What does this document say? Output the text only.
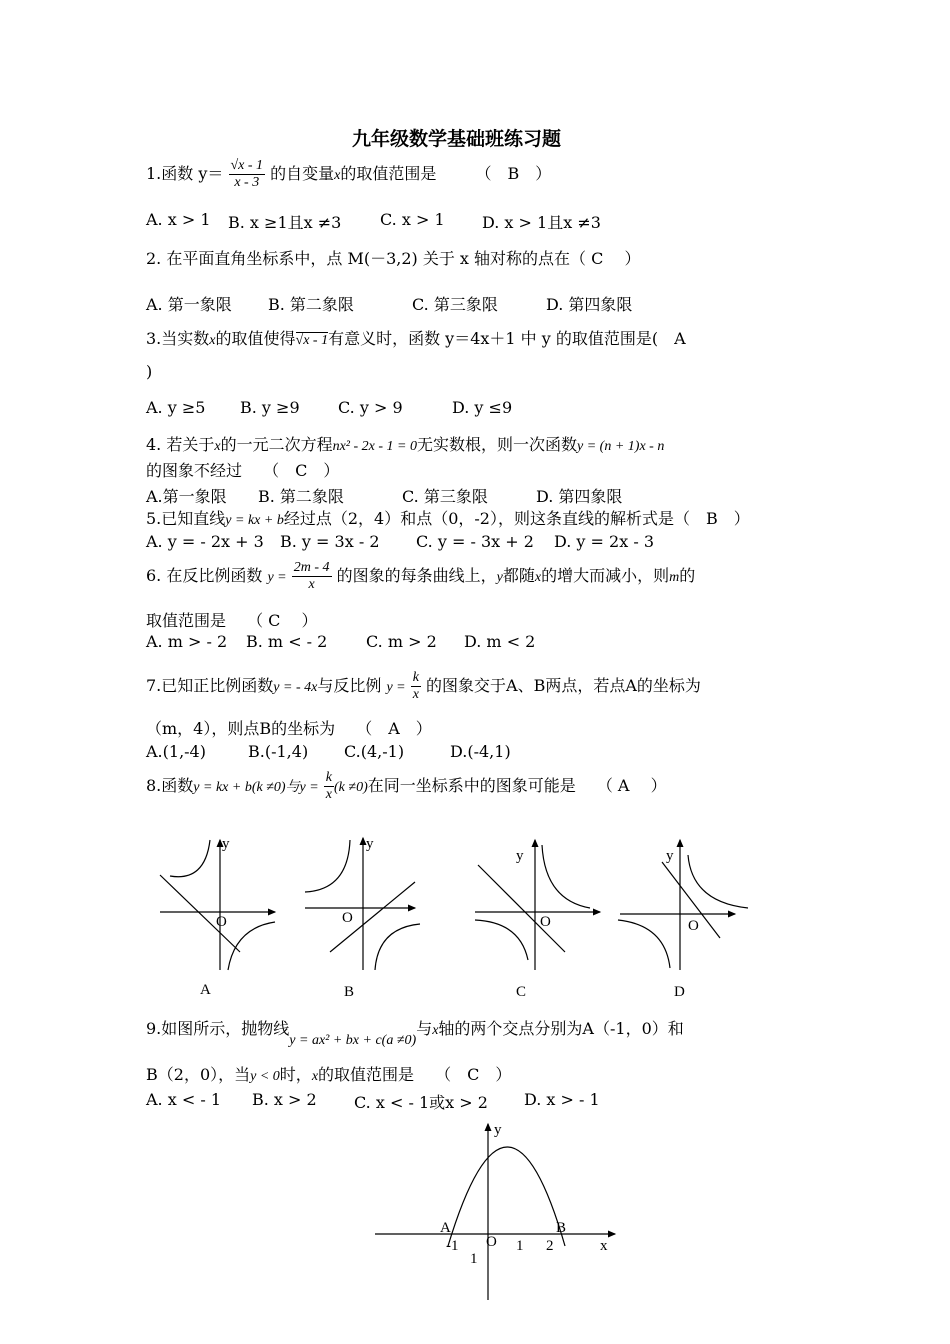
九年级数学基础班练习题
1.函数 $y= \frac{√x - 1}{x - 3}$ 的自变量x的取值范围是 （　B　）
A. x > 1 B. x ≥1且x ≠3 C. x > 1 D. x > 1且x ≠3
2. 在平面直角坐标系中，点 M(－3,2) 关于 x 轴对称的点在（ C　 ）
A. 第一象限 B. 第二象限	C. 第三象限	D. 第四象限
3.当实数x的取值使得√x - 1有意义时，函数 y＝4x＋1 中 y 的取值范围是(　A
)
A. y ≥5 B. y ≥9 C. y > 9	D. y ≤9
4. 若关于x的一元二次方程nx² - 2x - 1 = 0无实数根，则一次函数y = (n + 1)x - n
的图象不经过　 （　C　）
A.第一象限 B. 第二象限	C. 第三象限	D. 第四象限
5.已知直线y = kx + b经过点（2，4）和点（0，-2），则这条直线的解析式是（　B　）
A. y = - 2x + 3 B. y = 3x - 2 C. y = - 3x + 2 D. y = 2x - 3
6. 在反比例函数 $y = \frac{2m - 4}{x}$ 的图象的每条曲线上，y都随x的增大而减小，则m的
取值范围是　 （ C　 ）
A. m > - 2 B. m < - 2 C. m > 2 D. m < 2
7.已知正比例函数y = - 4x与反比例 $y = \frac{k}{x}$ 的图象交于A、B两点，若点A的坐标为
（m，4），则点B的坐标为　 （　A　）
A.(1,-4)	B.(-1,4) C.(4,-1)	D.(-4,1)
8.函数y = kx + b(k ≠0)与$y = \frac{k}{x} (k \ne 0)$在同一坐标系中的图象可能是　 （ A　 ）
y
O
y
O
y
O
y
O
A	B	C	D
9.如图所示，抛物线y = ax² + bx + c(a ≠0)与x轴的两个交点分别为A（-1，0）和
B（2，0），当y < 0时，x的取值范围是　 （　C　）
A. x < - 1 B. x > 2 C. x < - 1或x > 2 D. x > - 1
y
x
O
A	B
-1	1 2
1
